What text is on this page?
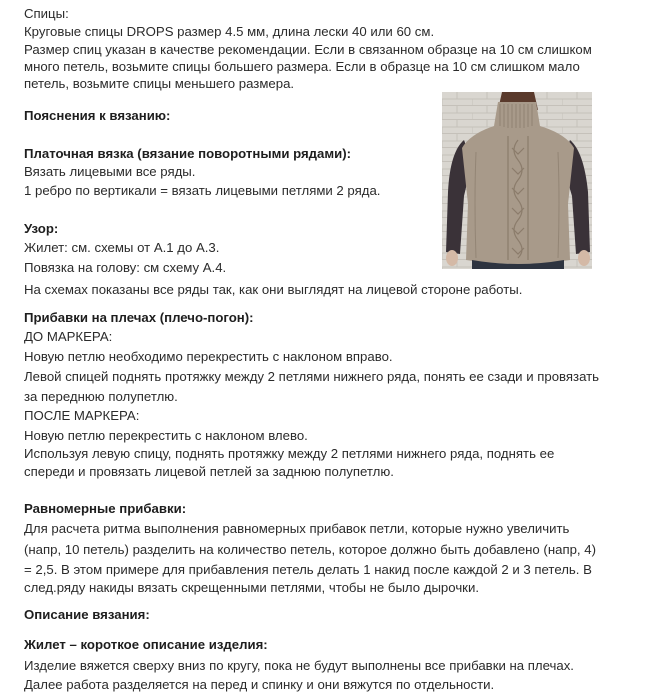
Спицы:
Круговые спицы DROPS размер 4.5 мм, длина лески 40 или 60 см.
Размер спиц указан в качестве рекомендации. Если в связанном образце на 10 см слишком
много петель, возьмите спицы большего размера. Если в образце на 10 см слишком мало
петель, возьмите спицы меньшего размера.
Пояснения к вязанию:
Платочная вязка (вязание поворотными рядами):
Вязать лицевыми все ряды.
1 ребро по вертикали = вязать лицевыми петлями 2 ряда.
Узор:
Жилет: см. схемы от А.1 до А.3.
Повязка на голову: см схему А.4.
На схемах показаны все ряды так, как они выглядят на лицевой стороне работы.
Прибавки на плечах (плечо-погон):
ДО МАРКЕРА:
Новую петлю необходимо перекрестить с наклоном вправо.
Левой спицей поднять протяжку между 2 петлями нижнего ряда, понять ее сзади и провязать
за переднюю полупетлю.
ПОСЛЕ МАРКЕРА:
Новую петлю перекрестить с наклоном влево.
Используя левую спицу, поднять протяжку между 2 петлями нижнего ряда, поднять ее
спереди и провязать лицевой петлей за заднюю полупетлю.
Равномерные прибавки:
Для расчета ритма выполнения равномерных прибавок петли, которые нужно увеличить
(напр, 10 петель) разделить на количество петель, которое должно быть добавлено (напр, 4)
= 2,5. В этом примере для прибавления петель делать 1 накид после каждой 2 и 3 петель. В
след.ряду накиды вязать скрещенными петлями, чтобы не было дырочки.
Описание вязания:
Жилет – короткое описание изделия:
Изделие вяжется сверху вниз по кругу, пока не будут выполнены все прибавки на плечах.
Далее работа разделяется на перед и спинку и они вяжутся по отдельности.
